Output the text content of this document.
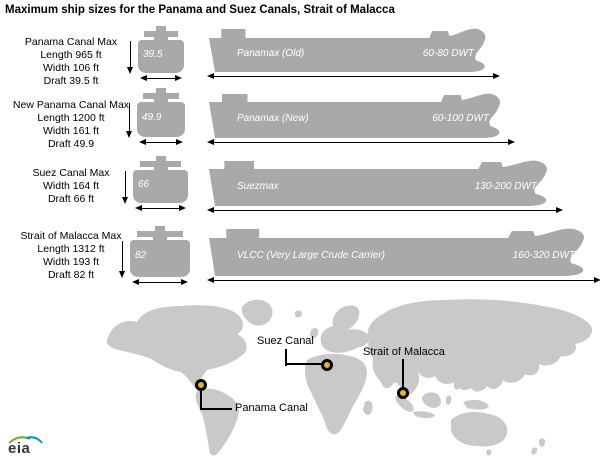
Maximum ship sizes for the Panama and Suez Canals, Strait of Malacca
Panama Canal Max
Length 965 ft
Width 106 ft
Draft 39.5 ft
39.5	Panamax (Old)	60-80 DWT
New Panama Canal Max
Length 1200 ft
Width 161 ft
Draft 49.9
49.9	Panamax (New)	60-100 DWT
Suez Canal Max
Width 164 ft
Draft 66 ft
66	Suezmax	130-200 DWT
Strait of Malacca Max
Length 1312 ft
Width 193 ft
Draft 82 ft
82	VLCC (Very Large Crude Carrier)	160-320 DWT
Panama Canal
Suez Canal
Strait of Malacca
eia
